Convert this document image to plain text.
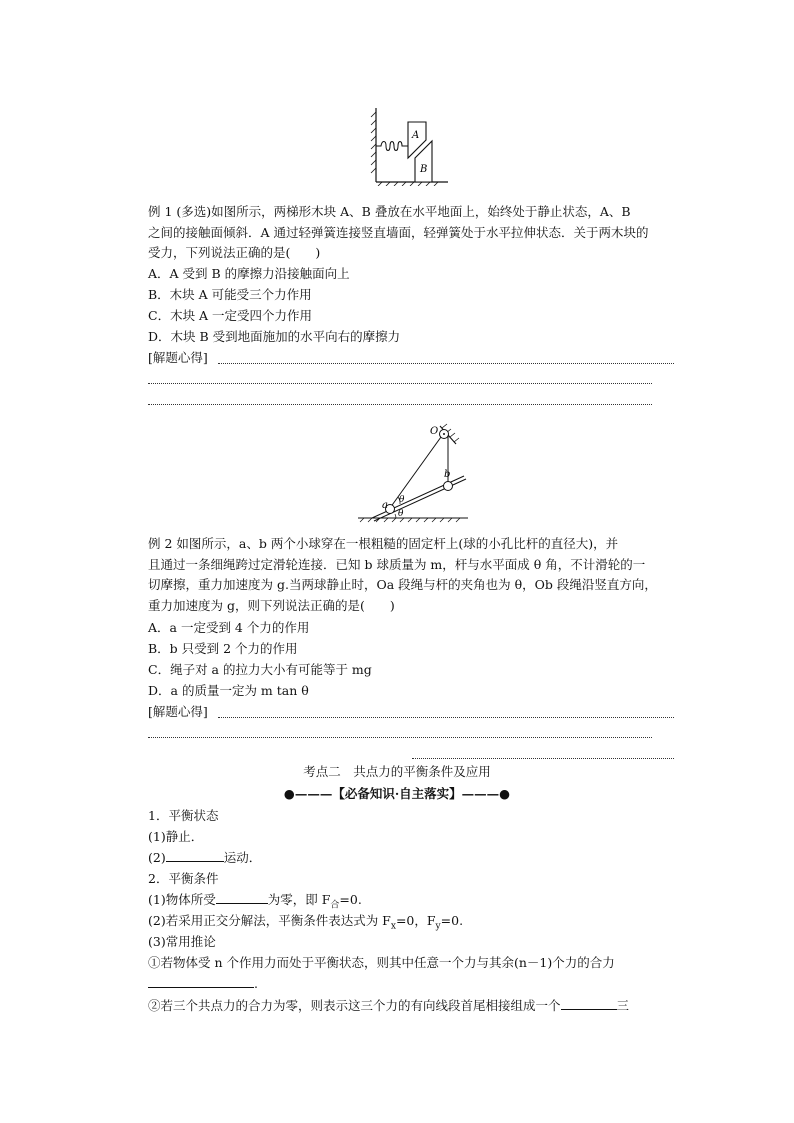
A
B

例 1 (多选)如图所示，两梯形木块 A、B 叠放在水平地面上，始终处于静止状态，A、B

之间的接触面倾斜．A 通过轻弹簧连接竖直墙面，轻弹簧处于水平拉伸状态．关于两木块的

受力，下列说法正确的是(　　)

A．A 受到 B 的摩擦力沿接触面向上
B．木块 A 可能受三个力作用
C．木块 A 一定受四个力作用
D．木块 B 受到地面施加的水平向右的摩擦力
[解题心得]
O
a
b
θ
θ

例 2 如图所示，a、b 两个小球穿在一根粗糙的固定杆上(球的小孔比杆的直径大)，并

且通过一条细绳跨过定滑轮连接．已知 b 球质量为 m，杆与水平面成 θ 角，不计滑轮的一

切摩擦，重力加速度为 g.当两球静止时，Oa 段绳与杆的夹角也为 θ，Ob 段绳沿竖直方向，

重力加速度为 g，则下列说法正确的是(　　)

A．a 一定受到 4 个力的作用
B．b 只受到 2 个力的作用
C．绳子对 a 的拉力大小有可能等于 mg
D．a 的质量一定为 m tan θ
[解题心得]
考点二　共点力的平衡条件及应用
●———【必备知识·自主落实】———●
1．平衡状态
(1)静止．
(2)	运动．
2．平衡条件
(1)物体所受	为零，即 $F_合=0$.
(2)若采用正交分解法，平衡条件表达式为 $F_x=0$，$F_y=0$.
(3)常用推论
①若物体受 n 个作用力而处于平衡状态，则其中任意一个力与其余(n－1)个力的合力
.
②若三个共点力的合力为零，则表示这三个力的有向线段首尾相接组成一个	三
